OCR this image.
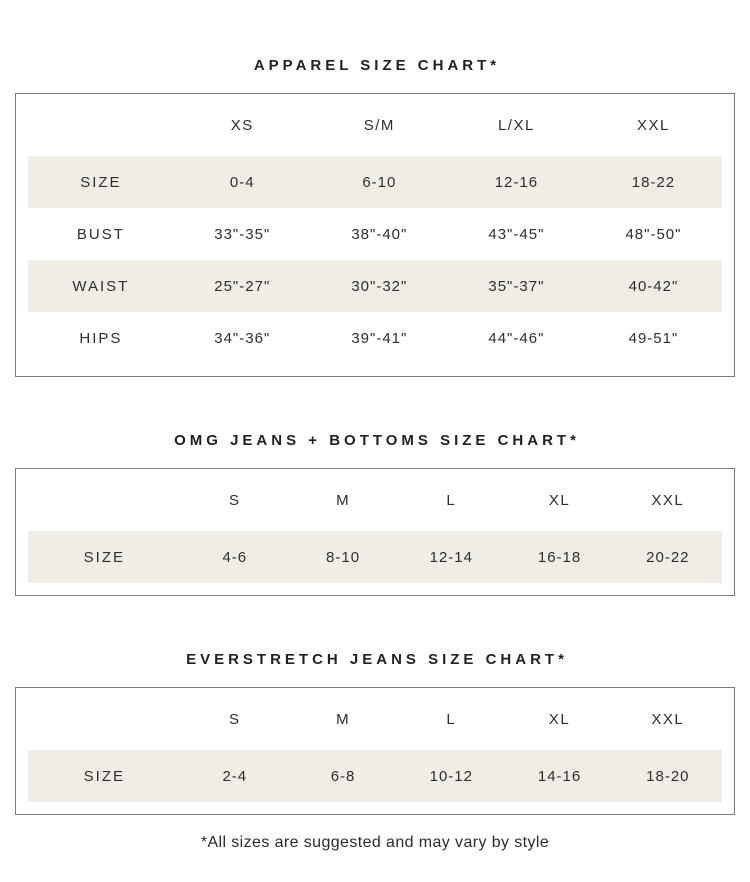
APPAREL SIZE CHART*
	XS	S/M	L/XL	XXL
SIZE	0-4	6-10	12-16	18-22
BUST	33"-35"	38"-40"	43"-45"	48"-50"
WAIST	25"-27"	30"-32"	35"-37"	40-42"
HIPS	34"-36"	39"-41"	44"-46"	49-51"
OMG JEANS + BOTTOMS SIZE CHART*
	S	M	L	XL	XXL
SIZE	4-6	8-10	12-14	16-18	20-22
EVERSTRETCH JEANS SIZE CHART*
	S	M	L	XL	XXL
SIZE	2-4	6-8	10-12	14-16	18-20

*All sizes are suggested and may vary by style
